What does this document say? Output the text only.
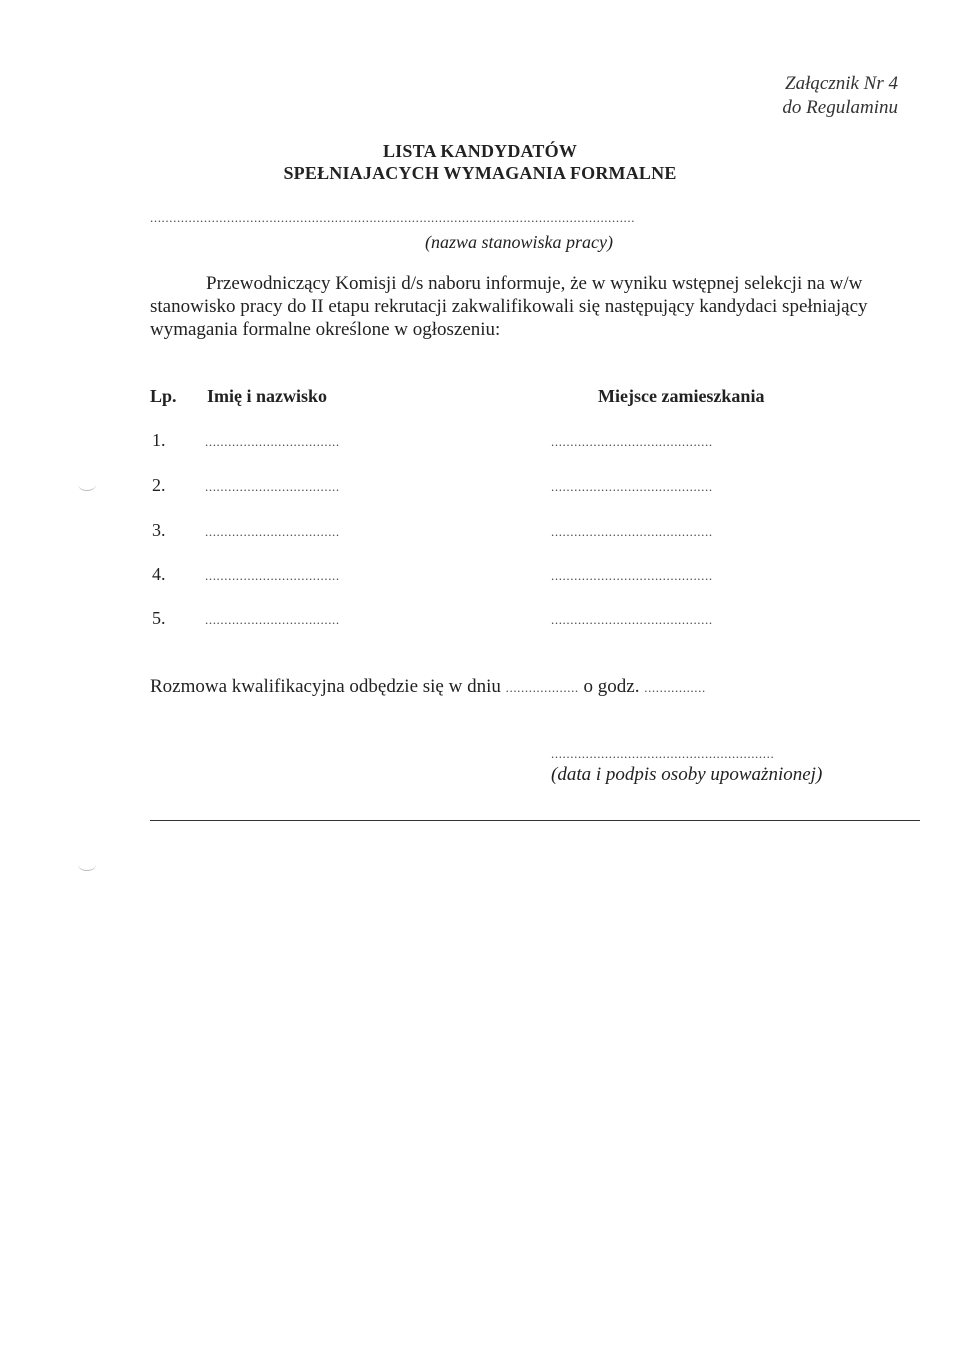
Załącznik Nr 4
do Regulaminu
LISTA KANDYDATÓW
SPEŁNIAJACYCH WYMAGANIA FORMALNE
..............................................................................................................................
(nazwa stanowiska pracy)
Przewodniczący Komisji d/s naboru informuje, że w wyniku wstępnej selekcji na w/w stanowisko pracy do II etapu rekrutacji zakwalifikowali się następujący kandydaci spełniający wymagania formalne określone w ogłoszeniu:
Lp. Imię i nazwisko	Miejsce zamieszkania
1.	...................................	..........................................
2.	...................................	..........................................
3.	...................................	..........................................
4.	...................................	..........................................
5.	...................................	..........................................
Rozmowa kwalifikacyjna odbędzie się w dniu ................... o godz. ................
..........................................................
(data i podpis osoby upoważnionej)
